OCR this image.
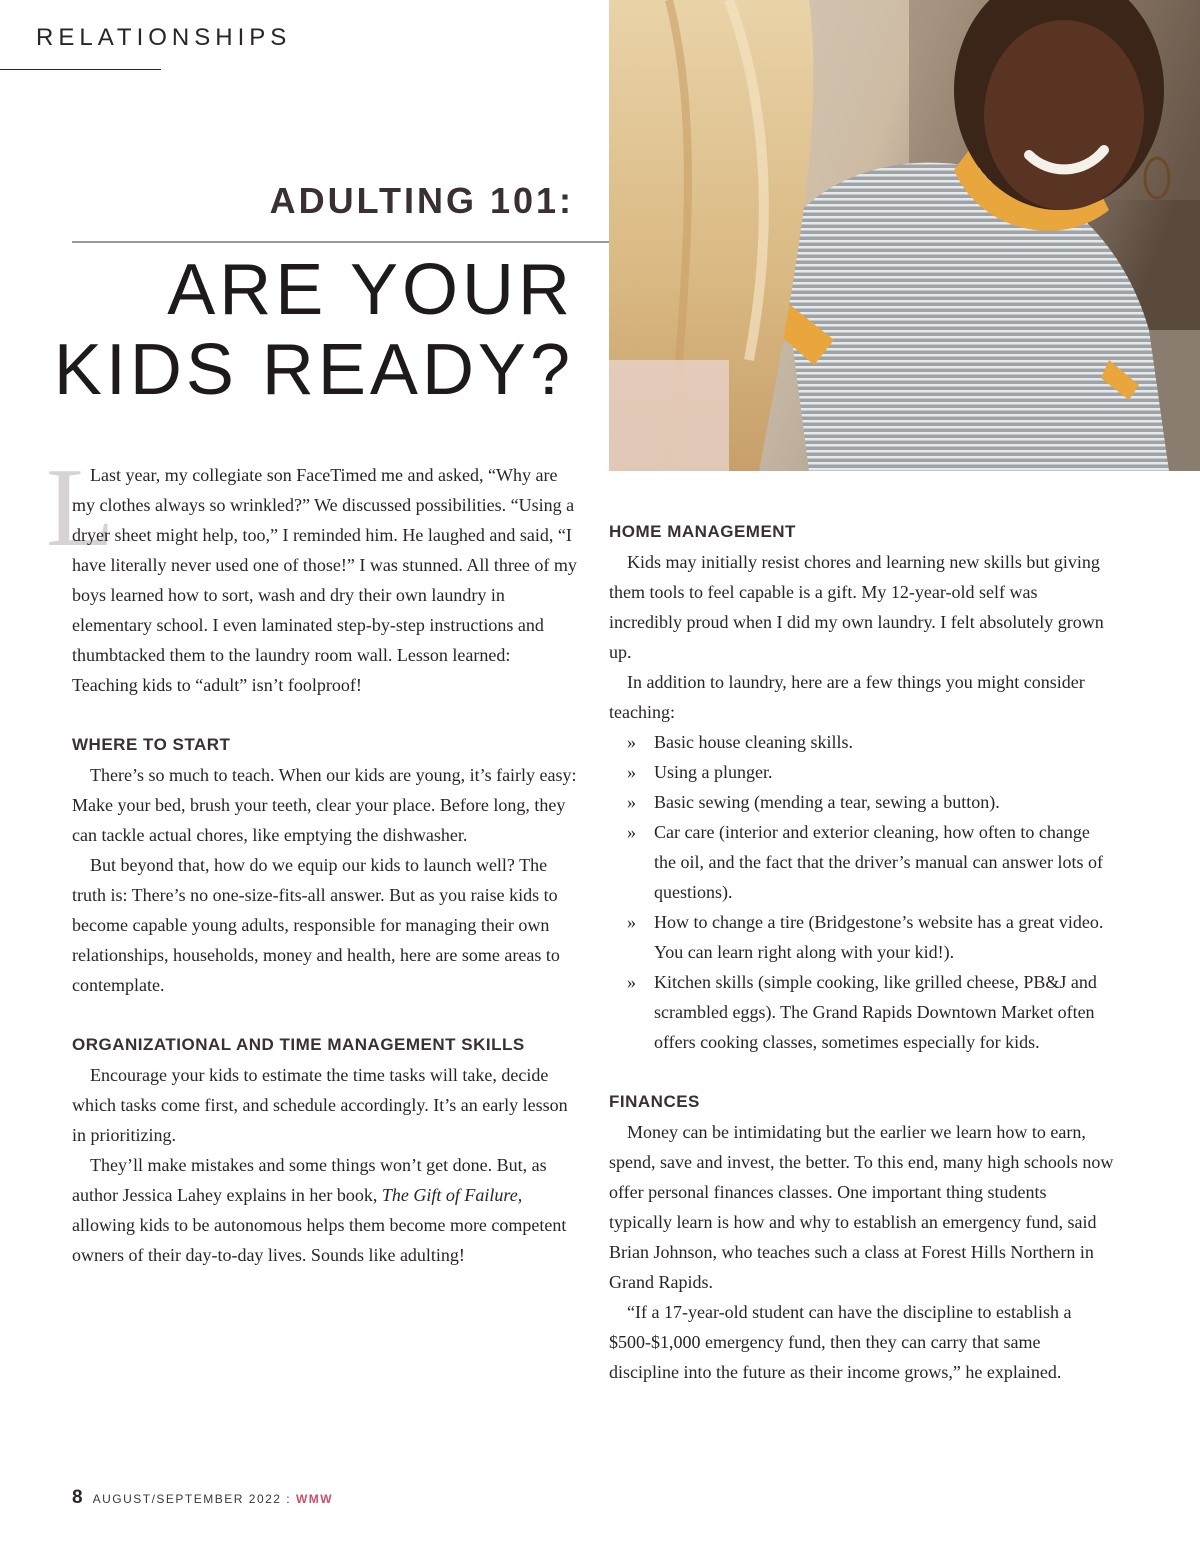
RELATIONSHIPS
ADULTING 101:
ARE YOUR
KIDS READY?
L

Last year, my collegiate son FaceTimed me and asked, “Why are my clothes always so wrinkled?” We discussed possibilities. “Using a dryer sheet might help, too,” I reminded him. He laughed and said, “I have literally never used one of those!” I was stunned. All three of my boys learned how to sort, wash and dry their own laundry in elementary school. I even laminated step-by-step instructions and thumbtacked them to the laundry room wall. Lesson learned: Teaching kids to “adult” isn’t foolproof!

WHERE TO START

There’s so much to teach. When our kids are young, it’s fairly easy: Make your bed, brush your teeth, clear your place. Before long, they can tackle actual chores, like emptying the dishwasher.

But beyond that, how do we equip our kids to launch well? The truth is: There’s no one-size-fits-all answer. But as you raise kids to become capable young adults, responsible for managing their own relationships, households, money and health, here are some areas to contemplate.

ORGANIZATIONAL AND TIME MANAGEMENT SKILLS

Encourage your kids to estimate the time tasks will take, decide which tasks come first, and schedule accordingly. It’s an early lesson in prioritizing.

They’ll make mistakes and some things won’t get done. But, as author Jessica Lahey explains in her book, The Gift of Failure, allowing kids to be autonomous helps them become more competent owners of their day-to-day lives. Sounds like adulting!

HOME MANAGEMENT

Kids may initially resist chores and learning new skills but giving them tools to feel capable is a gift. My 12-year-old self was incredibly proud when I did my own laundry. I felt absolutely grown up.

In addition to laundry, here are a few things you might consider teaching:

» Basic house cleaning skills.
» Using a plunger.
» Basic sewing (mending a tear, sewing a button).
» Car care (interior and exterior cleaning, how often to change the oil, and the fact that the driver’s manual can answer lots of questions).
» How to change a tire (Bridgestone’s website has a great video. You can learn right along with your kid!).
» Kitchen skills (simple cooking, like grilled cheese, PB&J and scrambled eggs). The Grand Rapids Downtown Market often offers cooking classes, sometimes especially for kids.
FINANCES

Money can be intimidating but the earlier we learn how to earn, spend, save and invest, the better. To this end, many high schools now offer personal finances classes. One important thing students typically learn is how and why to establish an emergency fund, said Brian Johnson, who teaches such a class at Forest Hills Northern in Grand Rapids.

“If a 17-year-old student can have the discipline to establish a $500-$1,000 emergency fund, then they can carry that same discipline into the future as their income grows,” he explained.

8 AUGUST/SEPTEMBER 2022 : WMW
